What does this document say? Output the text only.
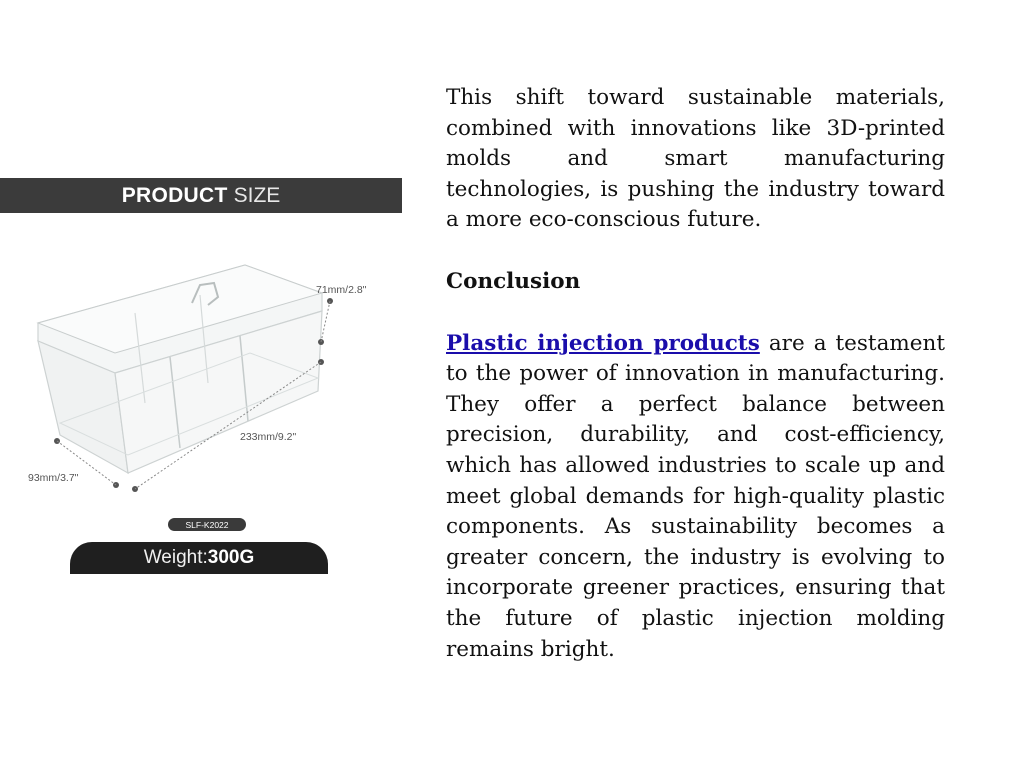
PRODUCT SIZE
71mm/2.8"
233mm/9.2"
93mm/3.7"
SLF-K2022
Weight: 300G

This shift toward sustainable materials, combined with innovations like 3D-printed molds and smart manufacturing technologies, is pushing the industry toward a more eco-conscious future.

Conclusion

Plastic injection products are a testament to the power of innovation in manufacturing. They offer a perfect balance between precision, durability, and cost-efficiency, which has allowed industries to scale up and meet global demands for high-quality plastic components. As sustainability becomes a greater concern, the industry is evolving to incorporate greener practices, ensuring that the future of plastic injection molding remains bright.
